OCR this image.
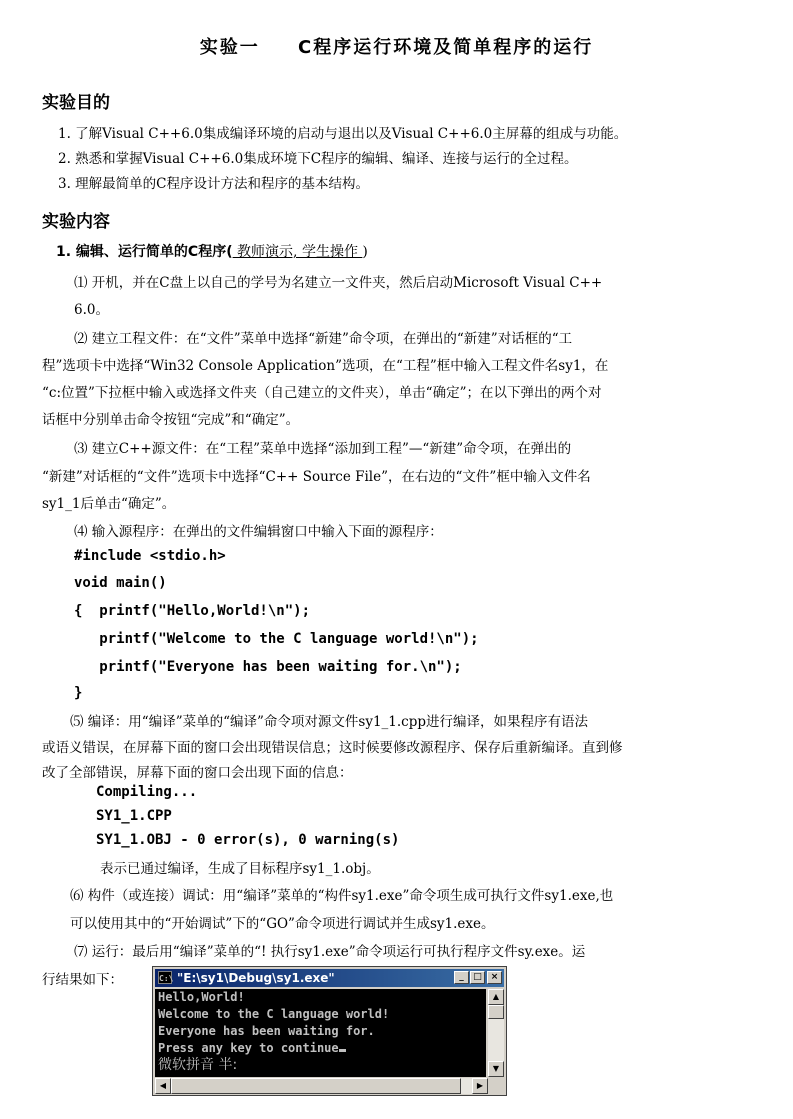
实验一 C程序运行环境及简单程序的运行
实验目的
1. 了解Visual C++6.0集成编译环境的启动与退出以及Visual C++6.0主屏幕的组成与功能。
2. 熟悉和掌握Visual C++6.0集成环境下C程序的编辑、编译、连接与运行的全过程。
3. 理解最简单的C程序设计方法和程序的基本结构。
实验内容
1. 编辑、运行简单的C程序( 教师演示, 学生操作 )
⑴ 开机，并在C盘上以自己的学号为名建立一文件夹，然后启动Microsoft Visual C++
6.0。
⑵ 建立工程文件：在“文件”菜单中选择“新建”命令项，在弹出的“新建”对话框的“工
程”选项卡中选择“Win32 Console Application”选项，在“工程”框中输入工程文件名sy1，在
“c:位置”下拉框中输入或选择文件夹（自己建立的文件夹），单击“确定”；在以下弹出的两个对
话框中分别单击命令按钮“完成”和“确定”。
⑶ 建立C++源文件：在“工程”菜单中选择“添加到工程”—“新建”命令项，在弹出的
“新建”对话框的“文件”选项卡中选择“C++ Source File”，在右边的“文件”框中输入文件名
sy1_1后单击“确定”。
⑷ 输入源程序：在弹出的文件编辑窗口中输入下面的源程序：
#include <stdio.h>
void main()
{  printf("Hello,World!\n");
printf("Welcome to the C language world!\n");
printf("Everyone has been waiting for.\n");
}
⑸ 编译：用“编译”菜单的“编译”命令项对源文件sy1_1.cpp进行编译，如果程序有语法
或语义错误，在屏幕下面的窗口会出现错误信息；这时候要修改源程序、保存后重新编译。直到修
改了全部错误，屏幕下面的窗口会出现下面的信息：
Compiling...
SY1_1.CPP
SY1_1.OBJ - 0 error(s), 0 warning(s)
表示已通过编译，生成了目标程序sy1_1.obj。
⑹ 构件（或连接）调试：用“编译”菜单的“构件sy1.exe”命令项生成可执行文件sy1.exe,也
可以使用其中的“开始调试”下的“GO”命令项进行调试并生成sy1.exe。
⑺ 运行：最后用“编译”菜单的“! 执行sy1.exe”命令项运行可执行程序文件sy.exe。运
行结果如下：	C:\ "E:\sy1\Debug\sy1.exe"	_	□ ×
Hello,World!
Welcome to the C language world!
Everyone has been waiting for.
Press any key to continue
微软拼音 半:
▲
▼
◀	▶
